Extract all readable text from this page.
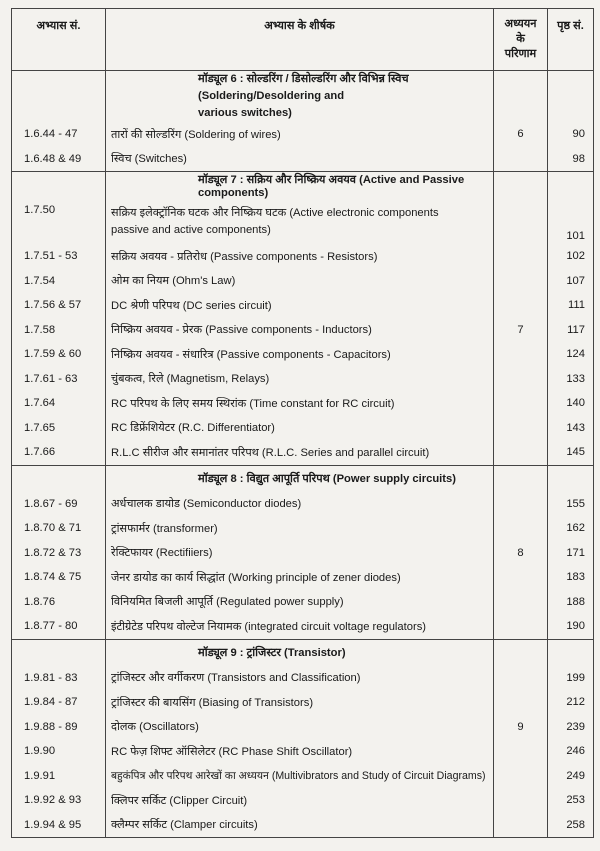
अभ्यास सं.	अभ्यास के शीर्षक	अध्ययन के
परिणाम	पृष्ठ सं.
	मॉड्यूल 6 : सोल्डरिंग / डिसोल्डरिंग और विभिन्न स्विच (Soldering/Desoldering and
various switches)		
1.6.44 - 47	तारों की सोल्डरिंग (Soldering of wires)	6	90
1.6.48 & 49	स्विच (Switches)		98
	मॉड्यूल 7 : सक्रिय और निष्क्रिय अवयव (Active and Passive components)		
1.7.50	सक्रिय इलेक्ट्रॉनिक घटक और निष्क्रिय घटक (Active electronic components
passive and active components)		101
1.7.51 - 53	सक्रिय अवयव - प्रतिरोध (Passive components - Resistors)		102
1.7.54	ओम का नियम (Ohm's Law)		107
1.7.56 & 57	DC श्रेणी परिपथ (DC series circuit)		111
1.7.58	निष्क्रिय अवयव - प्रेरक (Passive components - Inductors)	7	117
1.7.59 & 60	निष्क्रिय अवयव - संधारित्र (Passive components - Capacitors)		124
1.7.61 - 63	चुंबकत्व, रिले (Magnetism, Relays)		133
1.7.64	RC परिपथ के लिए समय स्थिरांक (Time constant for RC circuit)		140
1.7.65	RC डिफ्रेंशियेटर (R.C. Differentiator)		143
1.7.66	R.L.C सीरीज और समानांतर परिपथ (R.L.C. Series and parallel circuit)		145
	मॉड्यूल 8 : विद्युत आपूर्ति परिपथ (Power supply circuits)		
1.8.67 - 69	अर्धचालक डायोड (Semiconductor diodes)		155
1.8.70 & 71	ट्रांसफार्मर (transformer)		162
1.8.72 & 73	रेक्टिफायर (Rectifiiers)	8	171
1.8.74 & 75	जेनर डायोड का कार्य सिद्धांत (Working principle of zener diodes)		183
1.8.76	विनियमित बिजली आपूर्ति (Regulated power supply)		188
1.8.77 - 80	इंटीग्रेटेड परिपथ वोल्टेज नियामक (integrated circuit voltage regulators)		190
	मॉड्यूल 9 : ट्रांजिस्टर (Transistor)		
1.9.81 - 83	ट्रांजिस्टर और वर्गीकरण (Transistors and Classification)		199
1.9.84 - 87	ट्रांजिस्टर की बायसिंग (Biasing of Transistors)		212
1.9.88 - 89	दोलक (Oscillators)	9	239
1.9.90	RC फेज़ शिफ्ट ऑसिलेटर (RC Phase Shift Oscillator)		246
1.9.91	बहुकंपित्र और परिपथ आरेखों का अध्ययन (Multivibrators and Study of Circuit Diagrams)		249
1.9.92 & 93	क्लिपर सर्किट (Clipper Circuit)		253
1.9.94 & 95	क्लैम्पर सर्किट (Clamper circuits)		258
